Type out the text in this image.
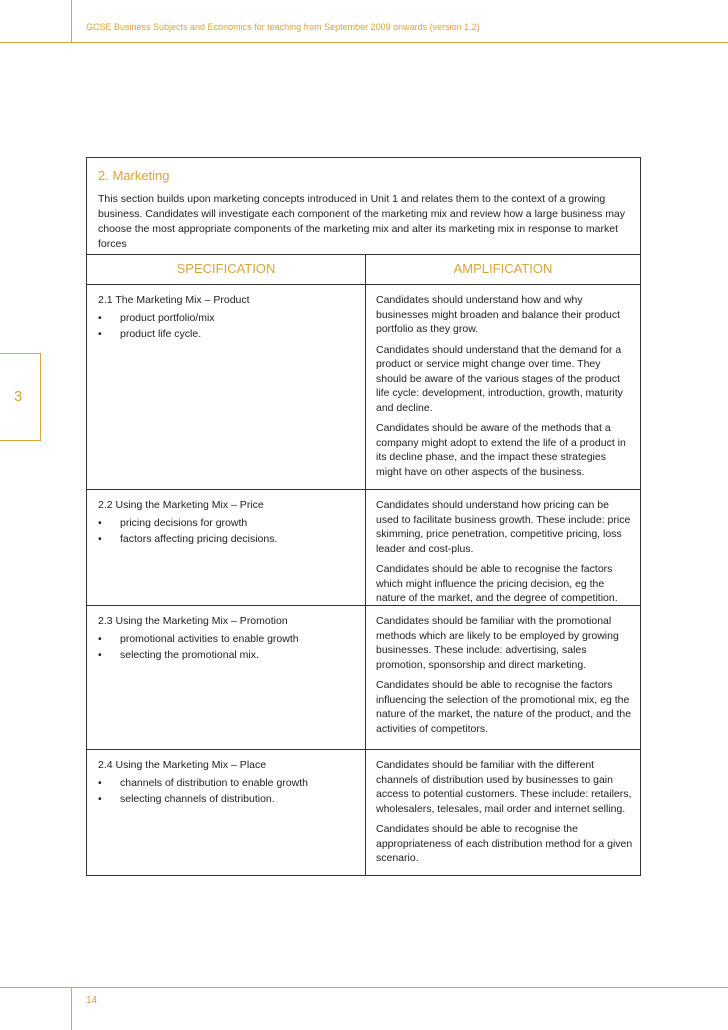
GCSE Business Subjects and Economics for teaching from September 2009 onwards (version 1.2)
3
2. Marketing
This section builds upon marketing concepts introduced in Unit 1 and relates them to the context of a growing business. Candidates will investigate each component of the marketing mix and review how a large business may choose the most appropriate components of the marketing mix and alter its marketing mix in response to market forces
SPECIFICATION	AMPLIFICATION

2.1 The Marketing Mix – Product

• product portfolio/mix
• product life cycle.

Candidates should understand how and why businesses might broaden and balance their product portfolio as they grow.

Candidates should understand that the demand for a product or service might change over time. They should be aware of the various stages of the product life cycle: development, introduction, growth, maturity and decline.

Candidates should be aware of the methods that a company might adopt to extend the life of a product in its decline phase, and the impact these strategies might have on other aspects of the business.

2.2 Using the Marketing Mix – Price

• pricing decisions for growth
• factors affecting pricing decisions.

Candidates should understand how pricing can be used to facilitate business growth. These include: price skimming, price penetration, competitive pricing, loss leader and cost-plus.

Candidates should be able to recognise the factors which might influence the pricing decision, eg the nature of the market, and the degree of competition.

2.3 Using the Marketing Mix – Promotion

• promotional activities to enable growth
• selecting the promotional mix.

Candidates should be familiar with the promotional methods which are likely to be employed by growing businesses. These include: advertising, sales promotion, sponsorship and direct marketing.

Candidates should be able to recognise the factors influencing the selection of the promotional mix, eg the nature of the market, the nature of the product, and the activities of competitors.

2.4 Using the Marketing Mix – Place

• channels of distribution to enable growth
• selecting channels of distribution.

Candidates should be familiar with the different channels of distribution used by businesses to gain access to potential customers. These include: retailers, wholesalers, telesales, mail order and internet selling.

Candidates should be able to recognise the appropriateness of each distribution method for a given scenario.

14
